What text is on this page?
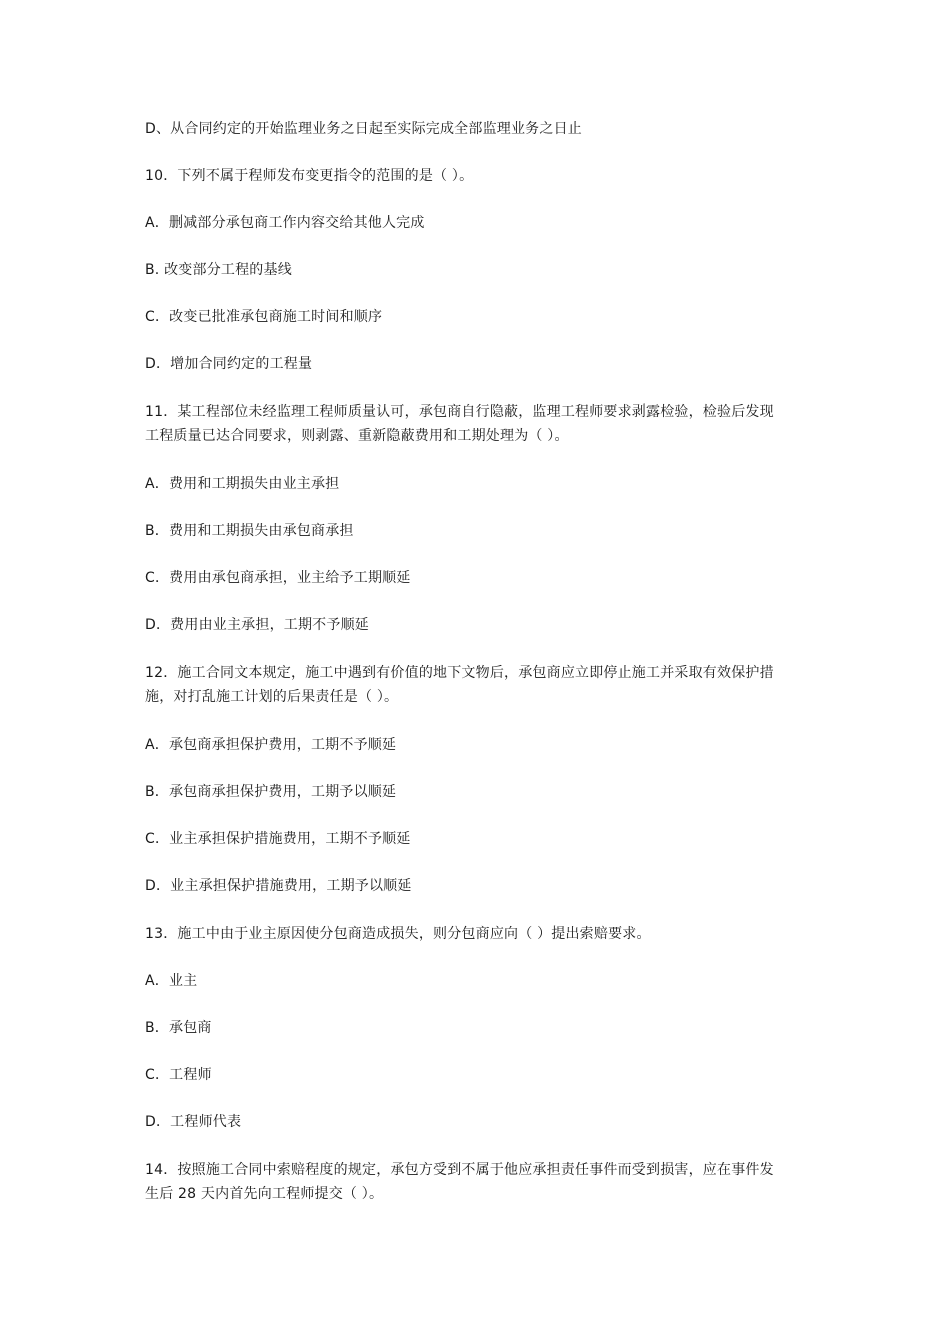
D、从合同约定的开始监理业务之日起至实际完成全部监理业务之日止
10．下列不属于程师发布变更指令的范围的是（ ）。
A．删减部分承包商工作内容交给其他人完成
B. 改变部分工程的基线
C．改变已批准承包商施工时间和顺序
D．增加合同约定的工程量
11．某工程部位未经监理工程师质量认可，承包商自行隐蔽，监理工程师要求剥露检验，检验后发现
工程质量已达合同要求，则剥露、重新隐蔽费用和工期处理为（ ）。
A．费用和工期损失由业主承担
B．费用和工期损失由承包商承担
C．费用由承包商承担，业主给予工期顺延
D．费用由业主承担，工期不予顺延
12．施工合同文本规定，施工中遇到有价值的地下文物后，承包商应立即停止施工并采取有效保护措
施，对打乱施工计划的后果责任是（ ）。
A．承包商承担保护费用，工期不予顺延
B．承包商承担保护费用，工期予以顺延
C．业主承担保护措施费用，工期不予顺延
D．业主承担保护措施费用，工期予以顺延
13．施工中由于业主原因使分包商造成损失，则分包商应向（ ）提出索赔要求。
A．业主
B．承包商
C．工程师
D．工程师代表
14．按照施工合同中索赔程度的规定，承包方受到不属于他应承担责任事件而受到损害，应在事件发
生后 28 天内首先向工程师提交（ ）。
